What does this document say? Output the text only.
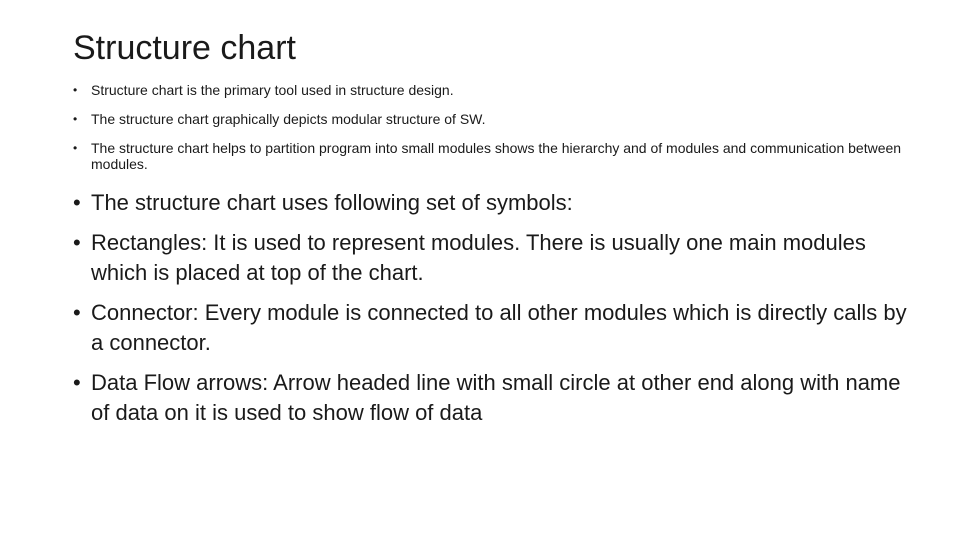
Structure chart
• Structure chart is the primary tool used in structure design.
• The structure chart graphically depicts modular structure of SW.
• The structure chart helps to partition program into small modules shows the hierarchy and of modules and communication between modules.
• The structure chart uses following set of symbols:
• Rectangles: It is used to represent modules. There is usually one main modules which is placed at top of the chart.
• Connector: Every module is connected to all other modules which is directly calls by a connector.
• Data Flow arrows: Arrow headed line with small circle at other end along with name of data on it is used to show flow of data
